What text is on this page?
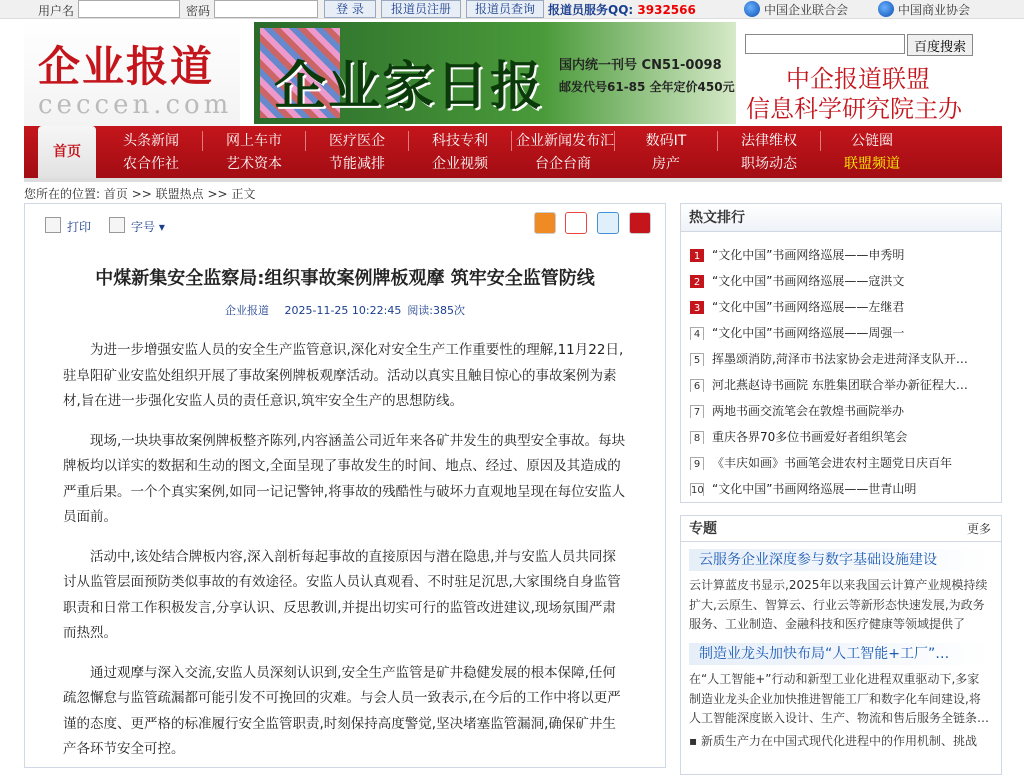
用户名	密码	登 录	报道员注册	报道员查询	报道员服务QQ: 3932566	中国企业联合会	中国商业协会
企业报道
ceccen.com 企业家日报 国内统一刊号 CN51-0098
邮发代号61-85 全年定价450元
百度搜索
中企报道联盟
信息科学研究院主办
首页
头条新闻	网上车市	医疗医企	科技专利	企业新闻发布汇	数码IT	法律维权	公链圈
农合作社	艺术资本	节能减排	企业视频	台企台商	房产	职场动态	联盟频道
您所在的位置: 首页 >> 联盟热点 >> 正文
打印	字号 ▾

中煤新集安全监察局:组织事故案例牌板观摩 筑牢安全监管防线
企业报道 2025-11-25 10:22:45 阅读:385次

为进一步增强安监人员的安全生产监管意识,深化对安全生产工作重要性的理解,11月22日,驻阜阳矿业安监处组织开展了事故案例牌板观摩活动。活动以真实且触目惊心的事故案例为素材,旨在进一步强化安监人员的责任意识,筑牢安全生产的思想防线。

现场,一块块事故案例牌板整齐陈列,内容涵盖公司近年来各矿井发生的典型安全事故。每块牌板均以详实的数据和生动的图文,全面呈现了事故发生的时间、地点、经过、原因及其造成的严重后果。一个个真实案例,如同一记记警钟,将事故的残酷性与破坏力直观地呈现在每位安监人员面前。

活动中,该处结合牌板内容,深入剖析每起事故的直接原因与潜在隐患,并与安监人员共同探讨从监管层面预防类似事故的有效途径。安监人员认真观看、不时驻足沉思,大家围绕自身监管职责和日常工作积极发言,分享认识、反思教训,并提出切实可行的监管改进建议,现场氛围严肃而热烈。

通过观摩与深入交流,安监人员深刻认识到,安全生产监管是矿井稳健发展的根本保障,任何疏忽懈怠与监管疏漏都可能引发不可挽回的灾难。与会人员一致表示,在今后的工作中将以更严谨的态度、更严格的标准履行安全监管职责,时刻保持高度警觉,坚决堵塞监管漏洞,确保矿井生产各环节安全可控。

热文排行
1 “文化中国”书画网络巡展——申秀明
2 “文化中国”书画网络巡展——寇洪文
3 “文化中国”书画网络巡展——左继君
4 “文化中国”书画网络巡展——周强一
5 挥墨颂消防,菏泽市书法家协会走进菏泽支队开…
6 河北燕赵诗书画院 东胜集团联合举办新征程大…
7 两地书画交流笔会在敦煌书画院举办
8 重庆各界70多位书画爱好者组织笔会
9 《丰庆如画》书画笔会进农村主题党日庆百年
10 “文化中国”书画网络巡展——世青山明
专题	更多
云服务企业深度参与数字基础设施建设
云计算蓝皮书显示,2025年以来我国云计算产业规模持续扩大,云原生、智算云、行业云等新形态快速发展,为政务服务、工业制造、金融科技和医疗健康等领域提供了
制造业龙头加快布局“人工智能+工厂”…
在“人工智能+”行动和新型工业化进程双重驱动下,多家制造业龙头企业加快推进智能工厂和数字化车间建设,将人工智能深度嵌入设计、生产、物流和售后服务全链条…
▪ 新质生产力在中国式现代化进程中的作用机制、挑战
